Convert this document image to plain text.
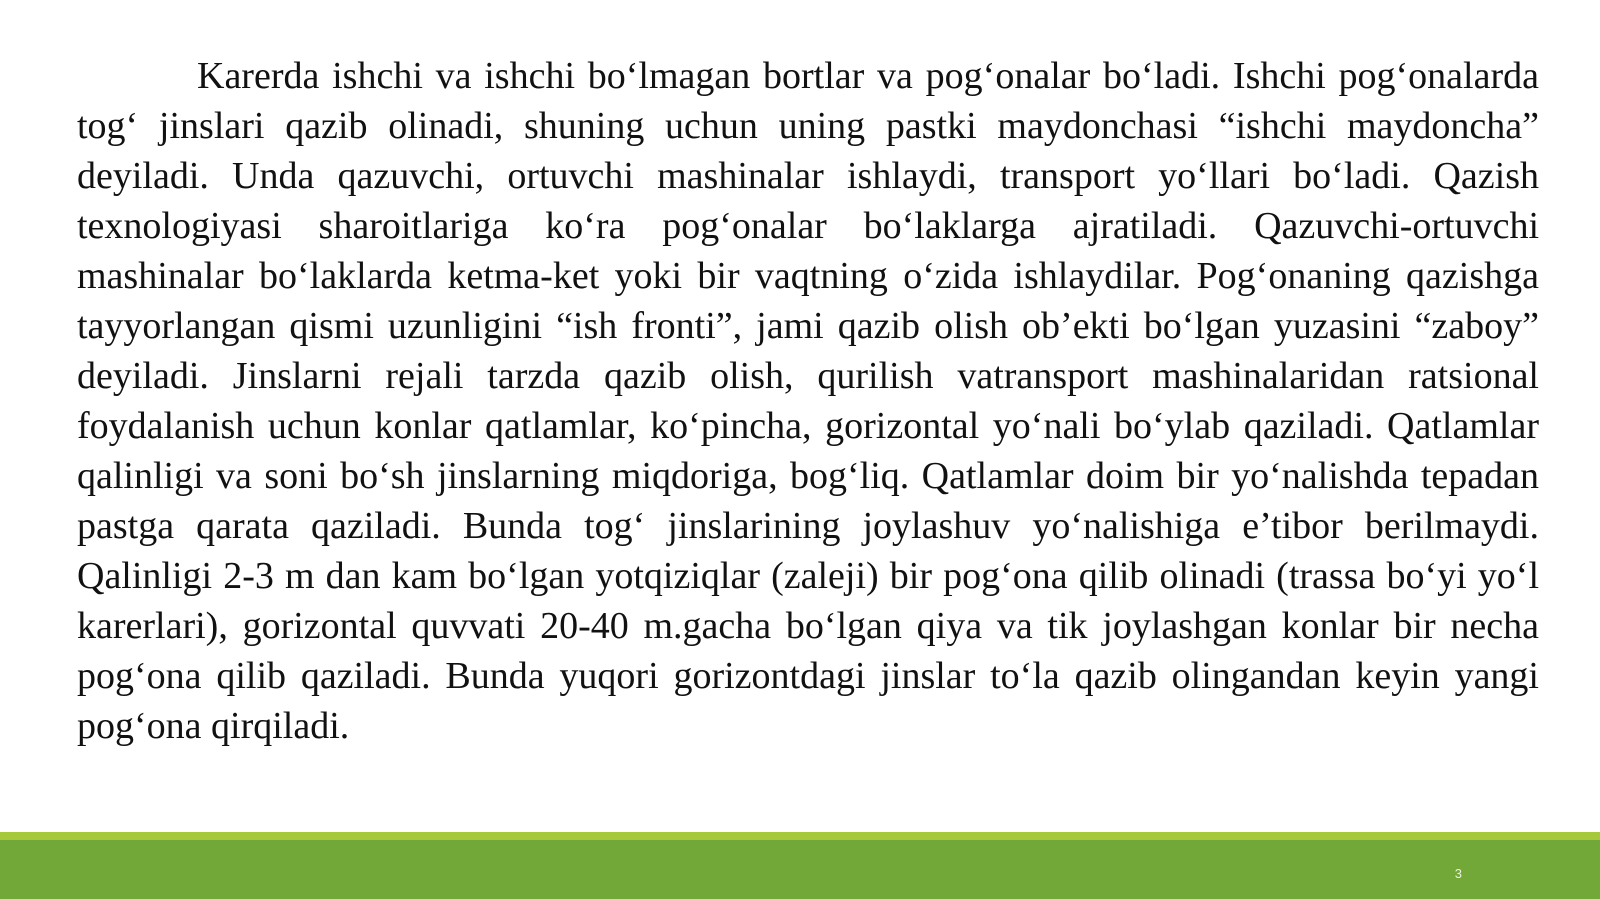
Karerda ishchi va ishchi bo‘lmagan bortlar va pog‘onalar bo‘ladi. Ishchi pog‘onalarda tog‘ jinslari qazib olinadi, shuning uchun uning pastki maydonchasi “ishchi maydoncha” deyiladi. Unda qazuvchi, ortuvchi mashinalar ishlaydi, transport yo‘llari bo‘ladi. Qazish texnologiyasi sharoitlariga ko‘ra pog‘onalar bo‘laklarga ajratiladi. Qazuvchi-ortuvchi mashinalar bo‘laklarda ketma-ket yoki bir vaqtning o‘zida ishlaydilar. Pog‘onaning qazishga tayyorlangan qismi uzunligini “ish fronti”, jami qazib olish ob’ekti bo‘lgan yuzasini “zaboy” deyiladi. Jinslarni rejali tarzda qazib olish, qurilish vatransport mashinalaridan ratsional foydalanish uchun konlar qatlamlar, ko‘pincha, gorizontal yo‘nali bo‘ylab qaziladi. Qatlamlar qalinligi va soni bo‘sh jinslarning miqdoriga, bog‘liq. Qatlamlar doim bir yo‘nalishda tepadan pastga qarata qaziladi. Bunda tog‘ jinslarining joylashuv yo‘nalishiga e’tibor berilmaydi. Qalinligi 2-3 m dan kam bo‘lgan yotqiziqlar (zaleji) bir pog‘ona qilib olinadi (trassa bo‘yi yo‘l karerlari), gorizontal quvvati 20-40 m.gacha bo‘lgan qiya va tik joylashgan konlar bir necha pog‘ona qilib qaziladi. Bunda yuqori gorizontdagi jinslar to‘la qazib olingandan keyin yangi pog‘ona qirqiladi.

3
